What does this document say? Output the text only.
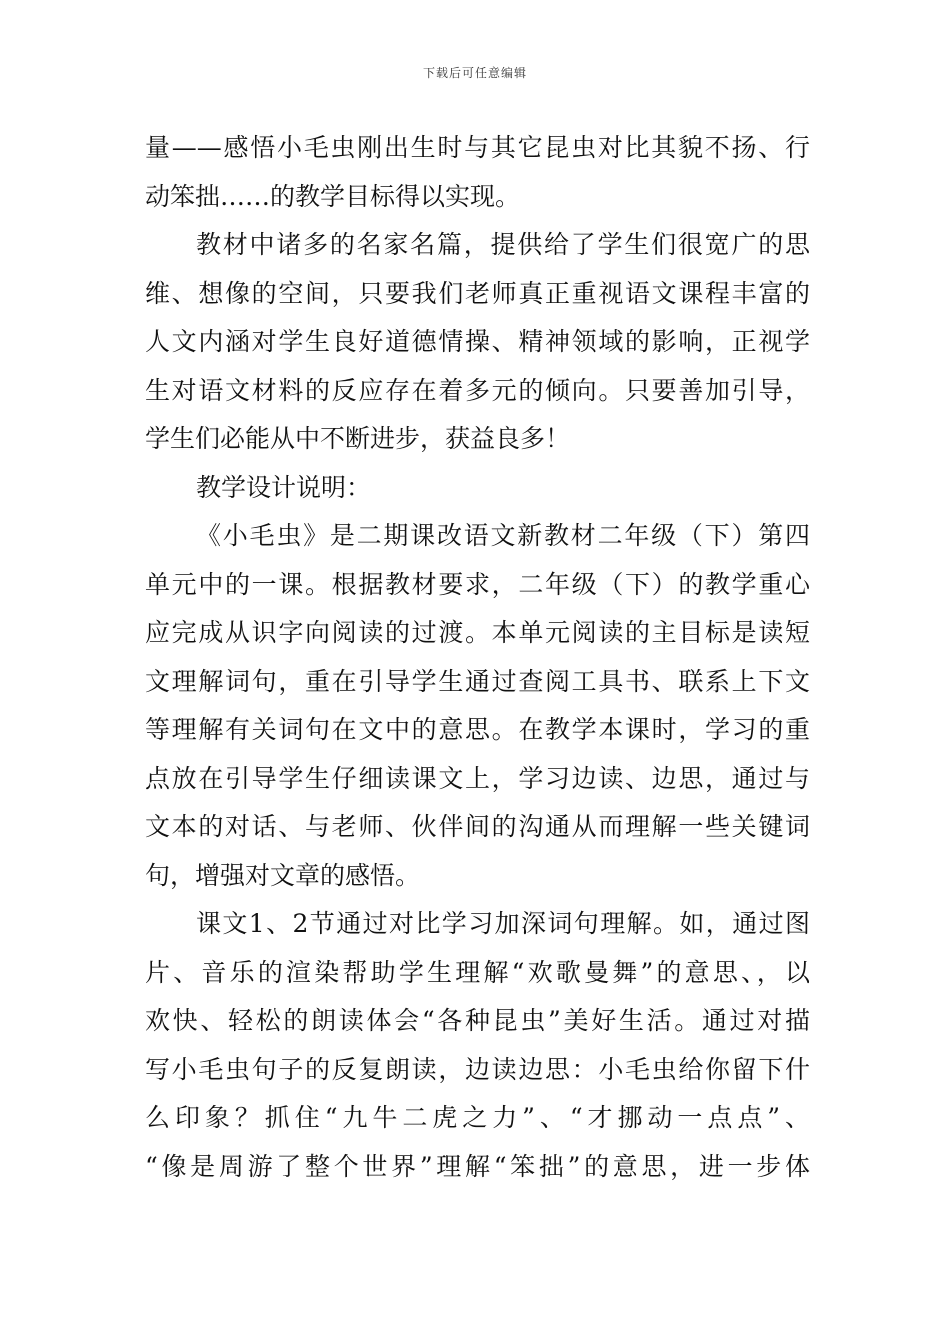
下载后可任意编辑
量——感悟小毛虫刚出生时与其它昆虫对比其貌不扬、行
动笨拙……的教学目标得以实现。
教材中诸多的名家名篇，提供给了学生们很宽广的思
维、想像的空间，只要我们老师真正重视语文课程丰富的
人文内涵对学生良好道德情操、精神领域的影响，正视学
生对语文材料的反应存在着多元的倾向。只要善加引导，
学生们必能从中不断进步，获益良多！
教学设计说明：
《小毛虫》是二期课改语文新教材二年级（下）第四
单元中的一课。根据教材要求，二年级（下）的教学重心
应完成从识字向阅读的过渡。本单元阅读的主目标是读短
文理解词句，重在引导学生通过查阅工具书、联系上下文
等理解有关词句在文中的意思。在教学本课时，学习的重
点放在引导学生仔细读课文上，学习边读、边思，通过与
文本的对话、与老师、伙伴间的沟通从而理解一些关键词
句，增强对文章的感悟。
课文1、2节通过对比学习加深词句理解。如，通过图
片、音乐的渲染帮助学生理解“欢歌曼舞”的意思、，以
欢快、轻松的朗读体会“各种昆虫”美好生活。通过对描
写小毛虫句子的反复朗读，边读边思：小毛虫给你留下什
么印象？抓住“九牛二虎之力”、“才挪动一点点”、
“像是周游了整个世界”理解“笨拙”的意思，进一步体
